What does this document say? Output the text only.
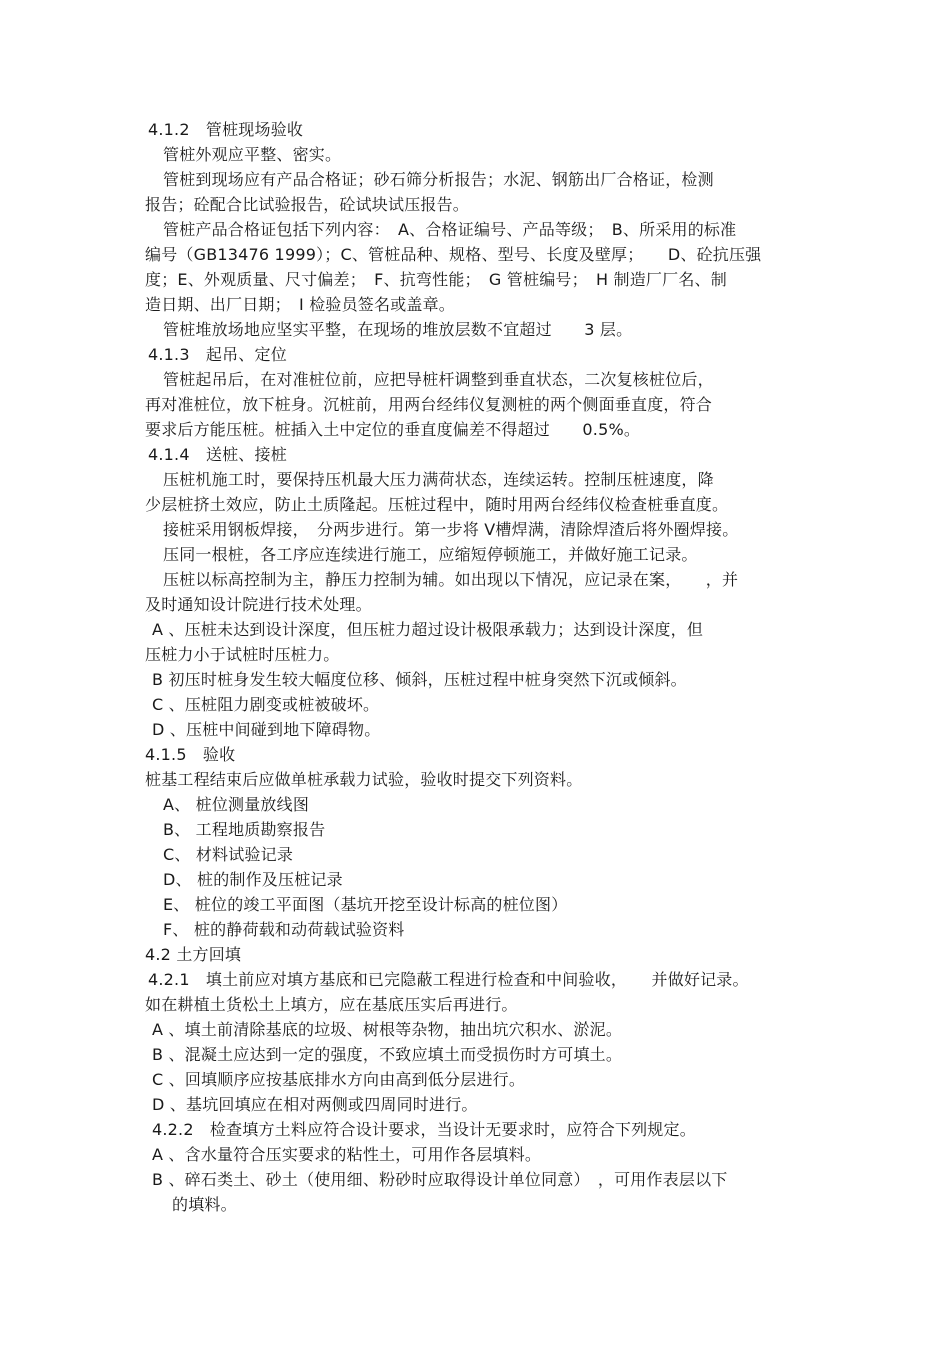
4.1.2　管桩现场验收
管桩外观应平整、密实。
管桩到现场应有产品合格证；砂石筛分析报告；水泥、钢筋出厂合格证，检测
报告；砼配合比试验报告，砼试块试压报告。
管桩产品合格证包括下列内容：　A、合格证编号、产品等级；　B、所采用的标准
编号（GB13476 1999）；C、管桩品种、规格、型号、长度及壁厚；　　D、砼抗压强
度；E、外观质量、尺寸偏差；　F、抗弯性能；　G 管桩编号；　H 制造厂厂名、制
造日期、出厂日期；　I 检验员签名或盖章。
管桩堆放场地应坚实平整，在现场的堆放层数不宜超过　　3 层。
4.1.3　起吊、定位
管桩起吊后，在对准桩位前，应把导桩杆调整到垂直状态，二次复核桩位后，
再对准桩位，放下桩身。沉桩前，用两台经纬仪复测桩的两个侧面垂直度，符合
要求后方能压桩。桩插入土中定位的垂直度偏差不得超过　　0.5%。
4.1.4　送桩、接桩
压桩机施工时，要保持压机最大压力满荷状态，连续运转。控制压桩速度，降
少层桩挤土效应，防止土质隆起。压桩过程中，随时用两台经纬仪检查桩垂直度。
接桩采用钢板焊接，　分两步进行。第一步将 V槽焊满，清除焊渣后将外圈焊接。
压同一根桩，各工序应连续进行施工，应缩短停顿施工，并做好施工记录。
压桩以标高控制为主，静压力控制为辅。如出现以下情况，应记录在案，　　，并
及时通知设计院进行技术处理。
A 、压桩未达到设计深度，但压桩力超过设计极限承载力；达到设计深度，但
压桩力小于试桩时压桩力。
B 初压时桩身发生较大幅度位移、倾斜，压桩过程中桩身突然下沉或倾斜。
C 、压桩阻力剧变或桩被破坏。
D 、压桩中间碰到地下障碍物。
4.1.5　验收
桩基工程结束后应做单桩承载力试验，验收时提交下列资料。
A、 桩位测量放线图
B、 工程地质勘察报告
C、 材料试验记录
D、 桩的制作及压桩记录
E、 桩位的竣工平面图（基坑开挖至设计标高的桩位图）
F、 桩的静荷载和动荷载试验资料
4.2 土方回填
4.2.1　填土前应对填方基底和已完隐蔽工程进行检查和中间验收，　　并做好记录。
如在耕植土货松土上填方，应在基底压实后再进行。
A 、填土前清除基底的垃圾、树根等杂物，抽出坑穴积水、淤泥。
B 、混凝土应达到一定的强度，不致应填土而受损伤时方可填土。
C 、回填顺序应按基底排水方向由高到低分层进行。
D 、基坑回填应在相对两侧或四周同时进行。
4.2.2　检查填方土料应符合设计要求，当设计无要求时，应符合下列规定。
A 、含水量符合压实要求的粘性土，可用作各层填料。
B 、碎石类土、砂土（使用细、粉砂时应取得设计单位同意）　，可用作表层以下
的填料。
